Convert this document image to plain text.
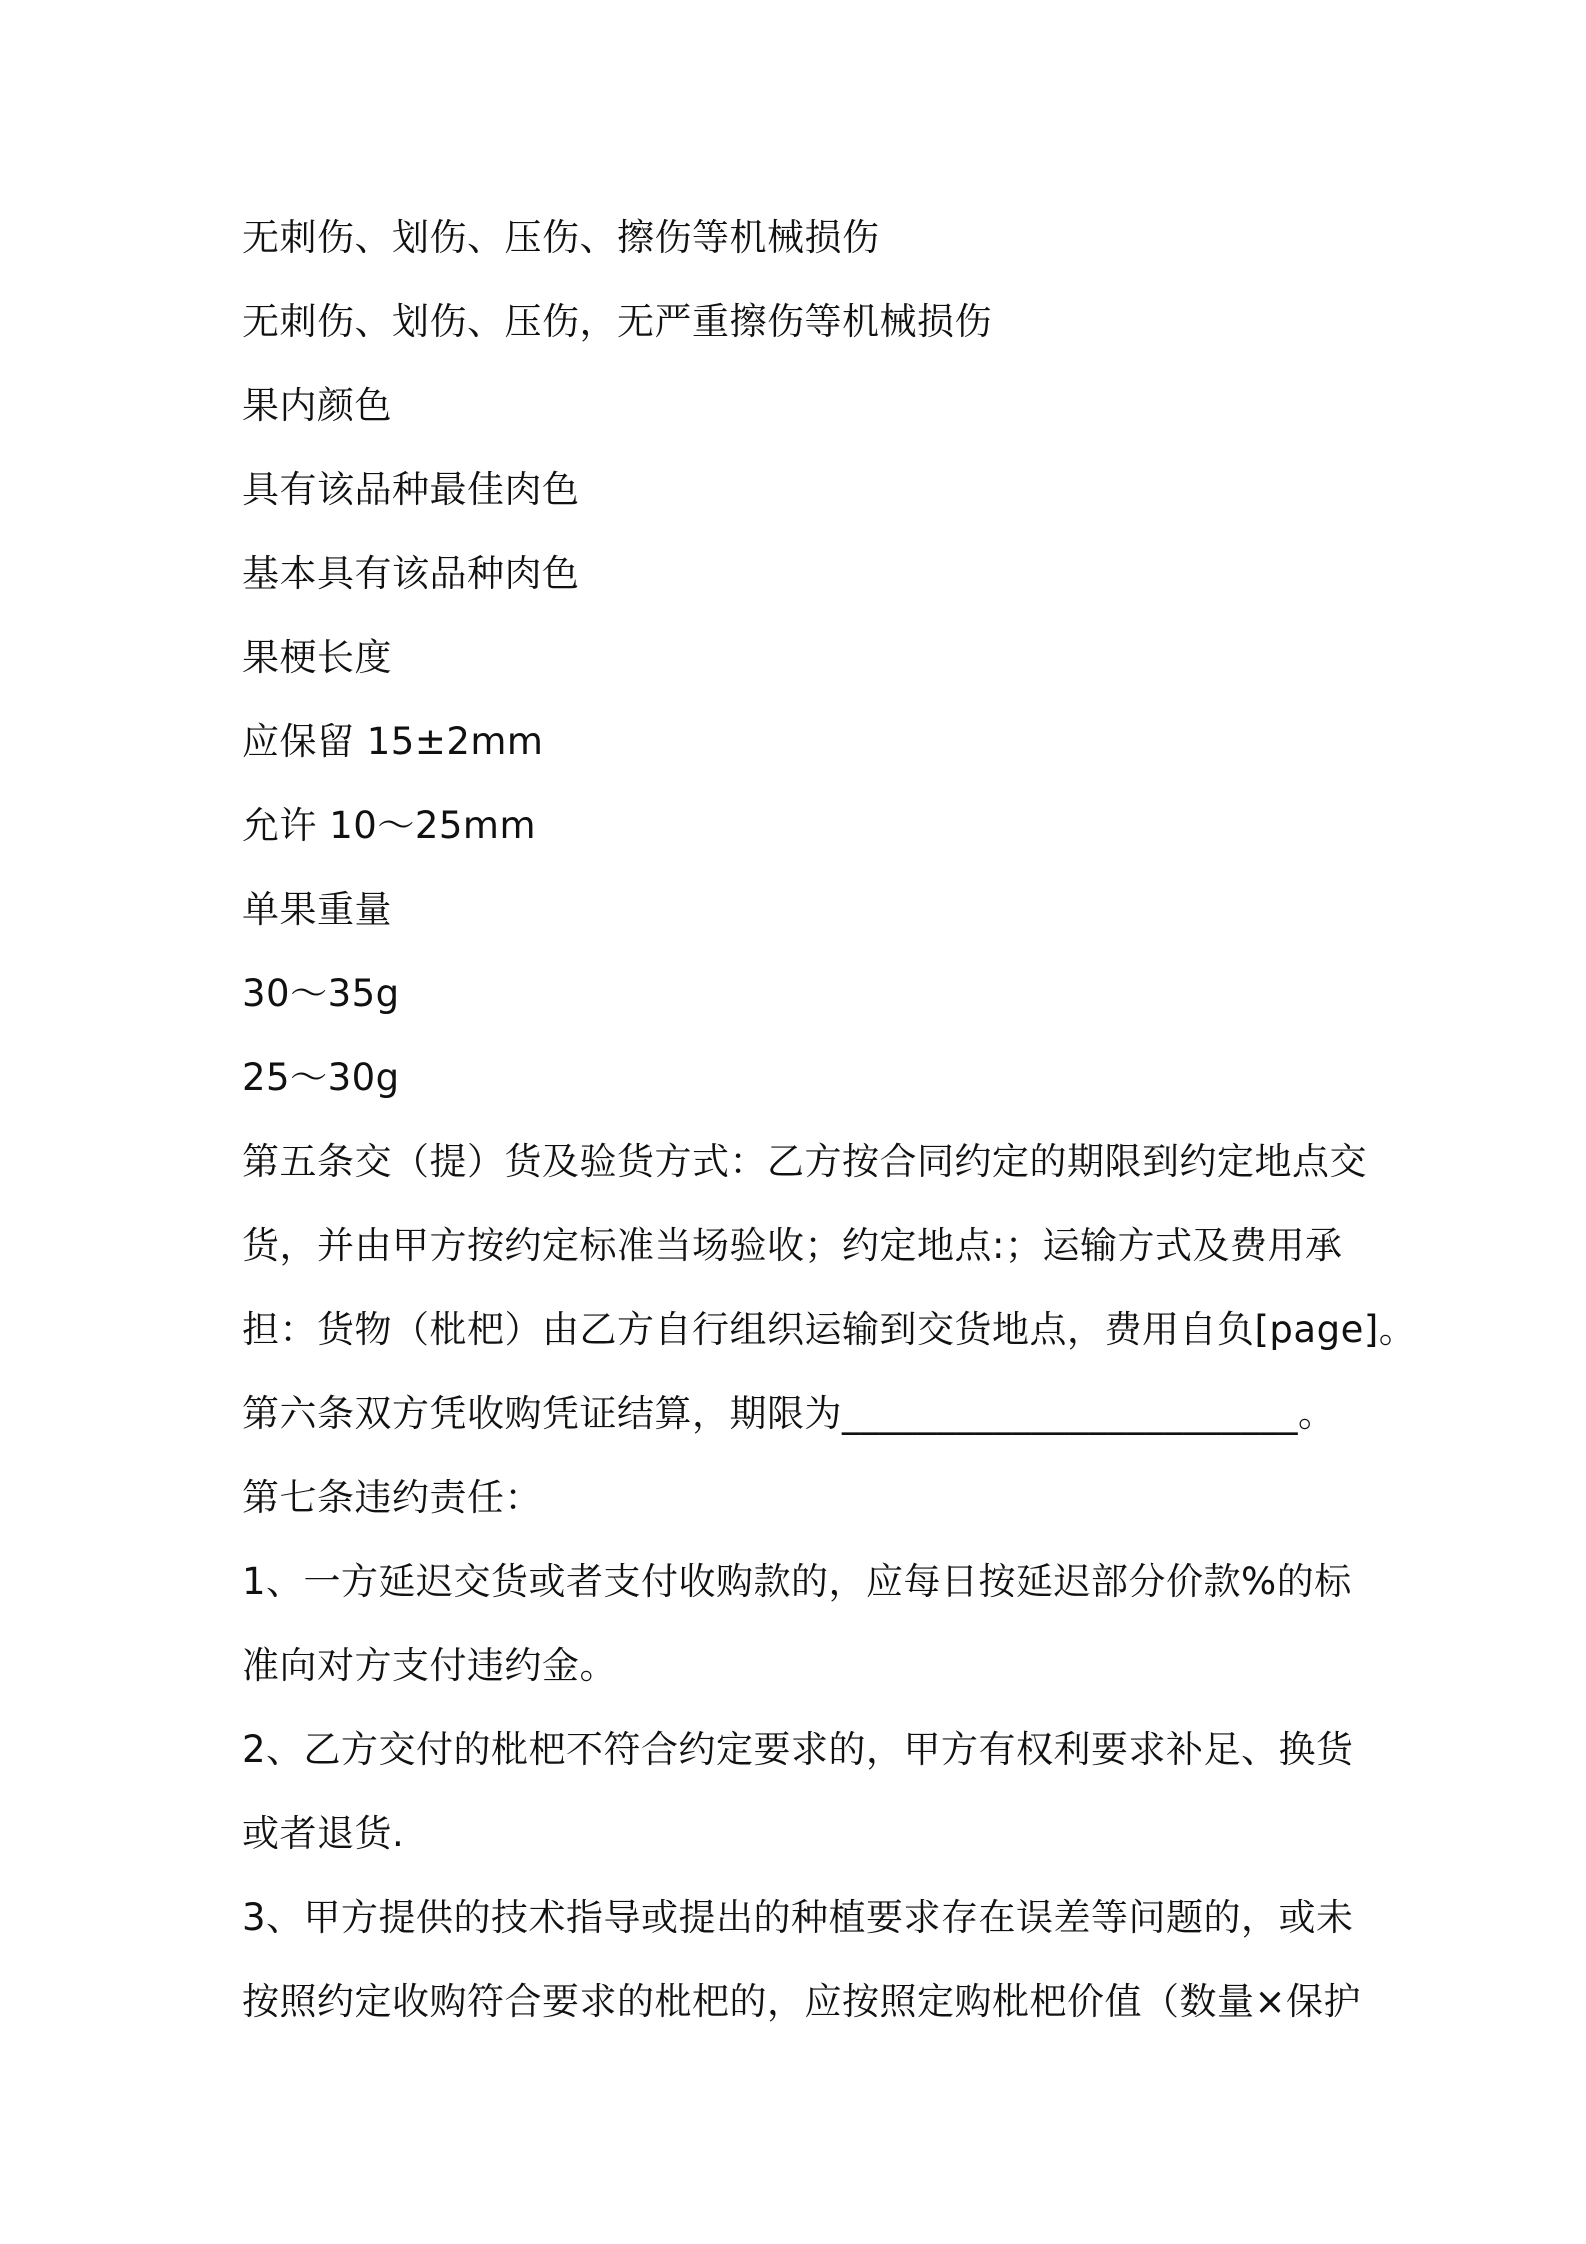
无刺伤、划伤、压伤、擦伤等机械损伤

无刺伤、划伤、压伤，无严重擦伤等机械损伤

果内颜色

具有该品种最佳肉色

基本具有该品种肉色

果梗长度

应保留 15±2mm

允许 10～25mm

单果重量

30～35g

25～30g

第五条交（提）货及验货方式：乙方按合同约定的期限到约定地点交

货，并由甲方按约定标准当场验收；约定地点:；运输方式及费用承

担：货物（枇杷）由乙方自行组织运输到交货地点，费用自负[page]。

第六条双方凭收购凭证结算，期限为________________________。

第七条违约责任：

1、一方延迟交货或者支付收购款的，应每日按延迟部分价款%的标

准向对方支付违约金。

2、乙方交付的枇杷不符合约定要求的，甲方有权利要求补足、换货

或者退货.

3、甲方提供的技术指导或提出的种植要求存在误差等问题的，或未

按照约定收购符合要求的枇杷的，应按照定购枇杷价值（数量×保护
